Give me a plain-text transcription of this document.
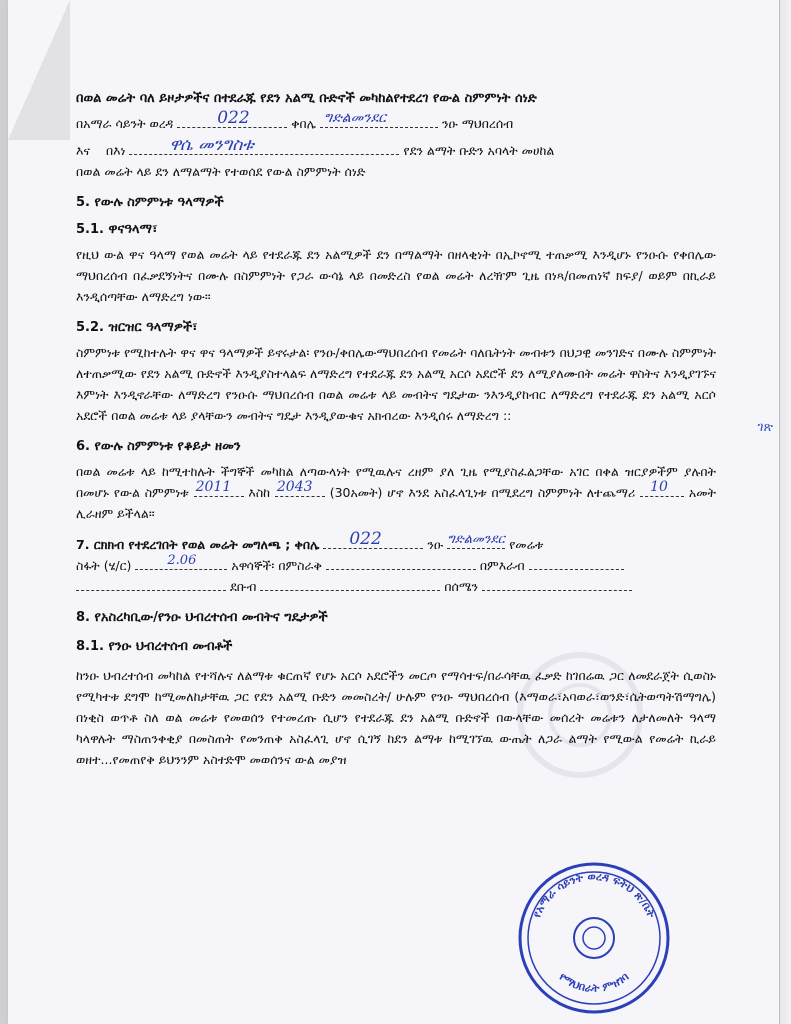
በወል መሬት ባለ ይዞታዎችና በተደራጁ የደን አልሚ ቡድኖች መካከልየተደረገ የውል ስምምነት ሰነድ

በአማራ ሳይንት ወረዳ	022	ቀበሌ ግድልመንደር	ንዑ ማህበረሰብ
እና በእነ	ዋሴ መንግስቱ	የደን ልማት ቡድን አባላት መሀከል

በወል መሬት ላይ ደን ለማልማት የተወሰደ የውል ስምምነት ሰነድ

5. የውሉ ስምምነቱ ዓላማዎች

5.1. ዋናዓላማ፣

የዚህ ውል ዋና ዓላማ የወል መሬት ላይ የተደራጁ ደን አልሚዎች ደን በማልማት በዘላቂነት በኢኮኖሚ ተጠቃሚ እንዲሆኑ የንዑሱ የቀበሌው ማህበረሰብ በፈቃደኝነትና በሙሉ በስምምነት የጋራ ውሳኔ ላይ በመድረስ የወል መሬት ለረዥም ጊዜ በነጻ/በመጠነኛ ክፍያ/ ወይም በኪራይ እንዲሰጣቸው ለማድረግ ነው፡፡

5.2. ዝርዝር ዓላማዎች፣

ስምምነቱ የሚከተሉት ዋና ዋና ዓላማዎች ይኖሩታል፡ የንዑ/ቀበሌውማህበረሰብ የመሬት ባለቤትነት መብቱን በህጋዊ መንገድና በሙሉ ስምምነት ለተጠቃሚው የደን አልሚ ቡድኖች እንዲያስተላልፍ ለማድረግ የተደራጁ ደን አልሚ አርሶ አደሮች ደን ለሚያለሙበት መሬት ዋስትና እንዲያገኙና እምነት እንዲኖራቸው ለማድረግ የንዑሱ ማህበረሰብ በወል መሬቱ ላይ መብትና ግዴታው ንእንዲያከብር ለማድረግ የተደራጁ ደን አልሚ አርሶ አደሮች በወል መሬቱ ላይ ያላቸውን መብትና ግዴታ እንዲያውቁና አክብረው እንዲሰሩ ለማድረግ ::

6. የውሉ ስምምነቱ የቆይታ ዘመን

በወል መሬቱ ላይ ከሚተከሉት ችግኞች መካከል ለጣውላነት የሚዉሉና ረዘም ያለ ጊዜ የሚያስፈልጋቸው አገር በቀል ዝርያዎችም ያሉበት በመሆኑ የውል ስምምነቱ 2011 እስከ 2043 (30አመት) ሆኖ እንደ አስፈላጊነቱ በሚደረግ ስምምነት ለተጨማሪ 10 አመት ሊራዘም ይችላል፡፡

7. ርክክብ የተደረገበት የወል መሬት መግለጫ ; ቀበሌ 022	ንዑ ግድልመንደር የመሬቱ
ስፋት (ሄ/ር)	2.06	አዋሳኞች፡ በምስራቅ	በምእራብ
ደቡብ	በሰሜን

8. የአስረካቢው/የንዑ ህብረተሰብ መብትና ግዴታዎች

8.1. የንዑ ህብረተሰብ መብቶች

ከንዑ ህብረተሰብ መካከል የተሻሉና ለልማቱ ቁርጠኛ የሆኑ አርሶ አደሮችን መርጦ የማሳተፍ/በራሳቸዉ ፈቃድ ከገበሬዉ ጋር ለመደራጀት ሲወስኑ የሚካተቱ ደግሞ ከሚመለከታቸዉ ጋር የደን አልሚ ቡድን መመስረት/ ሁሉም የንዑ ማህበረሰብ (እማወራ፣አባወራ፣ወንድ፣ሴትወጣትሽማግሌ) በነቂስ ወጥቶ ስለ ወል መሬቱ የመወሰን የተመረጡ ሲሆን የተደራጁ ደን አልሚ ቡድኖች በውላቸው መሰረት መሬቱን ለታለመለት ዓላማ ካላዋሉት ማስጠንቀቂያ በመስጠት የመንጠቅ አስፈላጊ ሆኖ ሲገኝ ከደን ልማቱ ከሚገኘዉ ውጤት ለጋራ ልማት የሚውል የመሬት ኪራይ ወዘተ...የመጠየቅ ይህንንም አስተድሞ መወሰንና ውል መያዝ

ገጽ
የአማራ ሳይንት ወረዳ ፍትህ ጽ/ቤት
የማህበራት ምዝገባ
